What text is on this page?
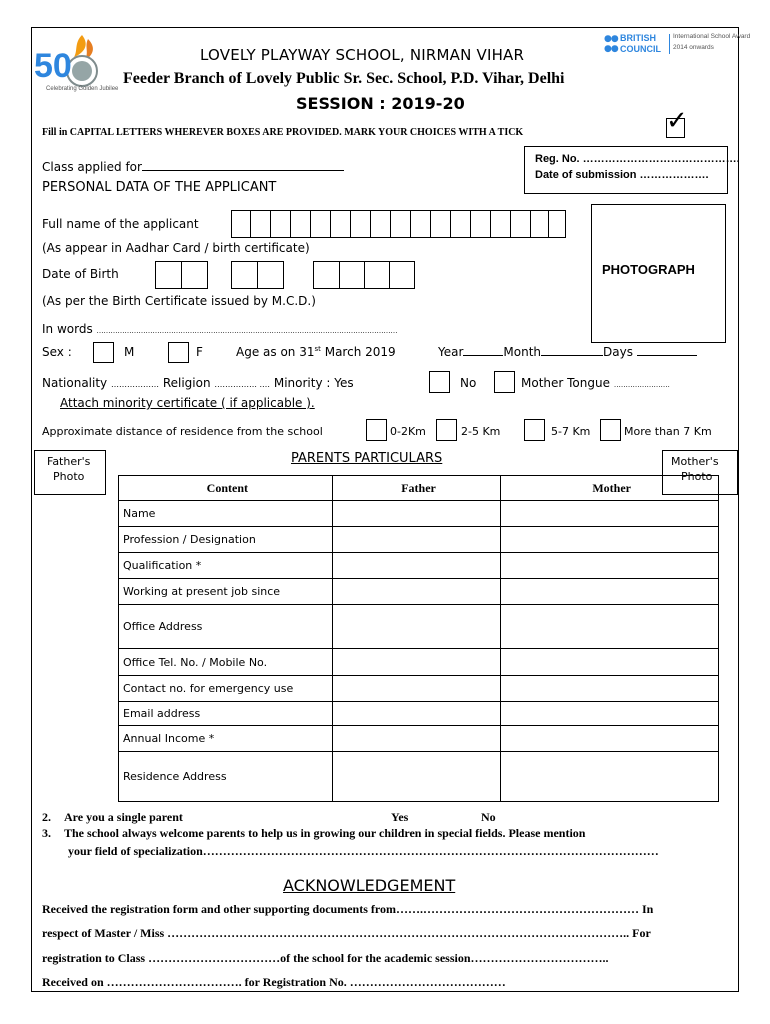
50
Celebrating Golden Jubilee
●●
●●
BRITISH
COUNCIL
International School Award
2014 onwards
LOVELY PLAYWAY SCHOOL, NIRMAN VIHAR
Feeder Branch of Lovely Public Sr. Sec. School, P.D. Vihar, Delhi
SESSION : 2019-20
Fill in CAPITAL LETTERS WHEREVER BOXES ARE PROVIDED. MARK YOUR CHOICES WITH A TICK	✓
Class applied for
PERSONAL DATA OF THE APPLICANT
Reg. No. …………………………………….
Date of submission ……………….
Full name of the applicant
(As appear in Aadhar Card / birth certificate)
Date of Birth
(As per the Birth Certificate issued by M.C.D.)
PHOTOGRAPH
In words …………………………………………………………………………………………………………………
Sex :	M	F	Age as on 31st March 2019	Year	Month	Days
Nationality ……………… Religion ……………. .… Minority : Yes	No	Mother Tongue ……………………
Attach minority certificate ( if applicable ).
Approximate distance of residence from the school	0-2Km	2-5 Km	5-7 Km	More than 7 Km
Father's
Photo
Mother's
Photo
PARENTS PARTICULARS
Content	Father	Mother
Name		
Profession / Designation		
Qualification *		
Working at present job since		
Office Address		
Office Tel. No. / Mobile No.		
Contact no. for emergency use		
Email address		
Annual Income *		
Residence Address		
2. Are you a single parent	Yes	No
3. The school always welcome parents to help us in growing our children in special fields. Please mention
your field of specialization……………………………………………………………………………………………………
ACKNOWLEDGEMENT
Received the registration form and other supporting documents from…….……………………………………………… In
respect of Master / Miss …………………………………………………………………………………………………….. For
registration to Class ……………………………of the school for the academic session……………………………..
Received on ……………………………. for Registration No. …………………………………
